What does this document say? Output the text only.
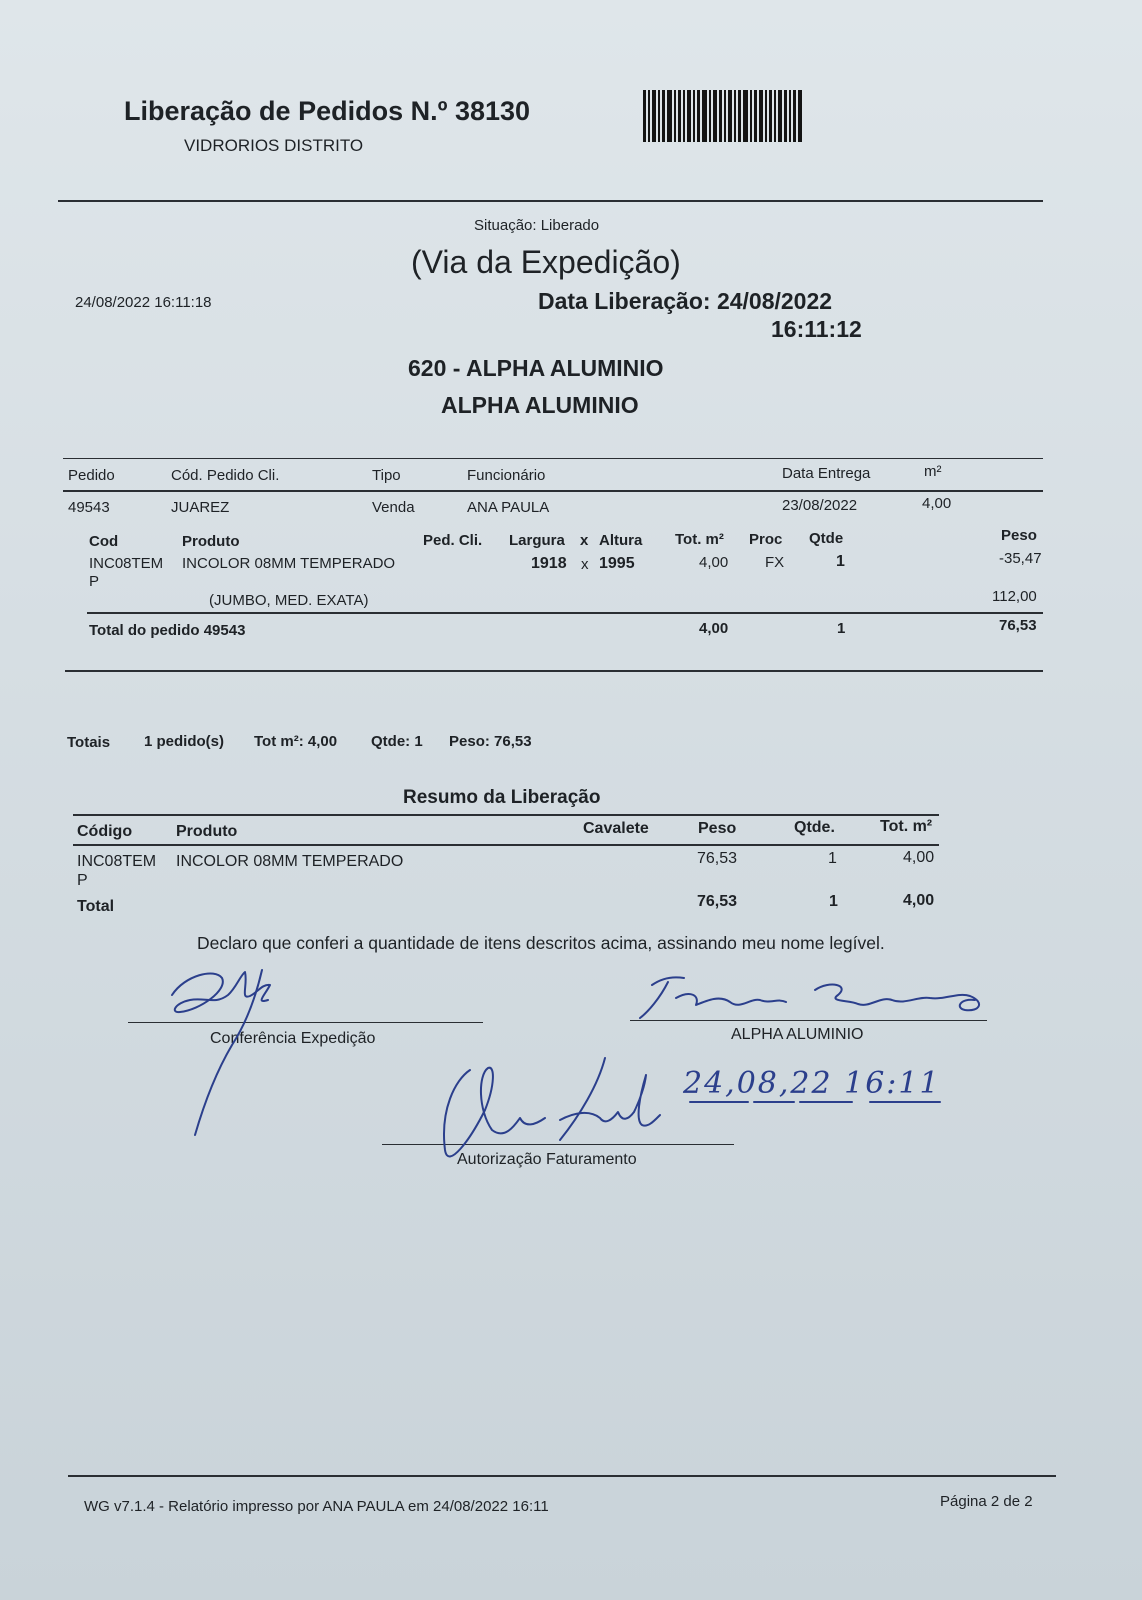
Liberação de Pedidos N.º 38130
VIDRORIOS DISTRITO
Situação: Liberado
(Via da Expedição)
24/08/2022 16:11:18	Data Liberação: 24/08/2022
16:11:12
620 - ALPHA ALUMINIO
ALPHA ALUMINIO
Pedido	Cód. Pedido Cli.	Tipo	Funcionário	Data Entrega	m²
49543	JUAREZ	Venda	ANA PAULA	23/08/2022	4,00
Cod	Produto	Ped. Cli. Largura x Altura Tot. m² Proc Qtde	Peso
INC08TEM
P
INCOLOR 08MM TEMPERADO	1918 x 1995	4,00 FX	1	-35,47
(JUMBO, MED. EXATA)	112,00
Total do pedido 49543	4,00	1	76,53
Totais 1 pedido(s) Tot m²: 4,00 Qtde: 1 Peso: 76,53
Resumo da Liberação
Código	Produto	Cavalete	Peso	Qtde.	Tot. m²
INC08TEM
P
INCOLOR 08MM TEMPERADO	76,53	1	4,00
Total	76,53	1	4,00
Declaro que conferi a quantidade de itens descritos acima, assinando meu nome legível.
Conferência Expedição	ALPHA ALUMINIO
Autorização Faturamento
24,08,22 16:11
WG v7.1.4 - Relatório impresso por ANA PAULA em 24/08/2022 16:11	Página 2 de 2
